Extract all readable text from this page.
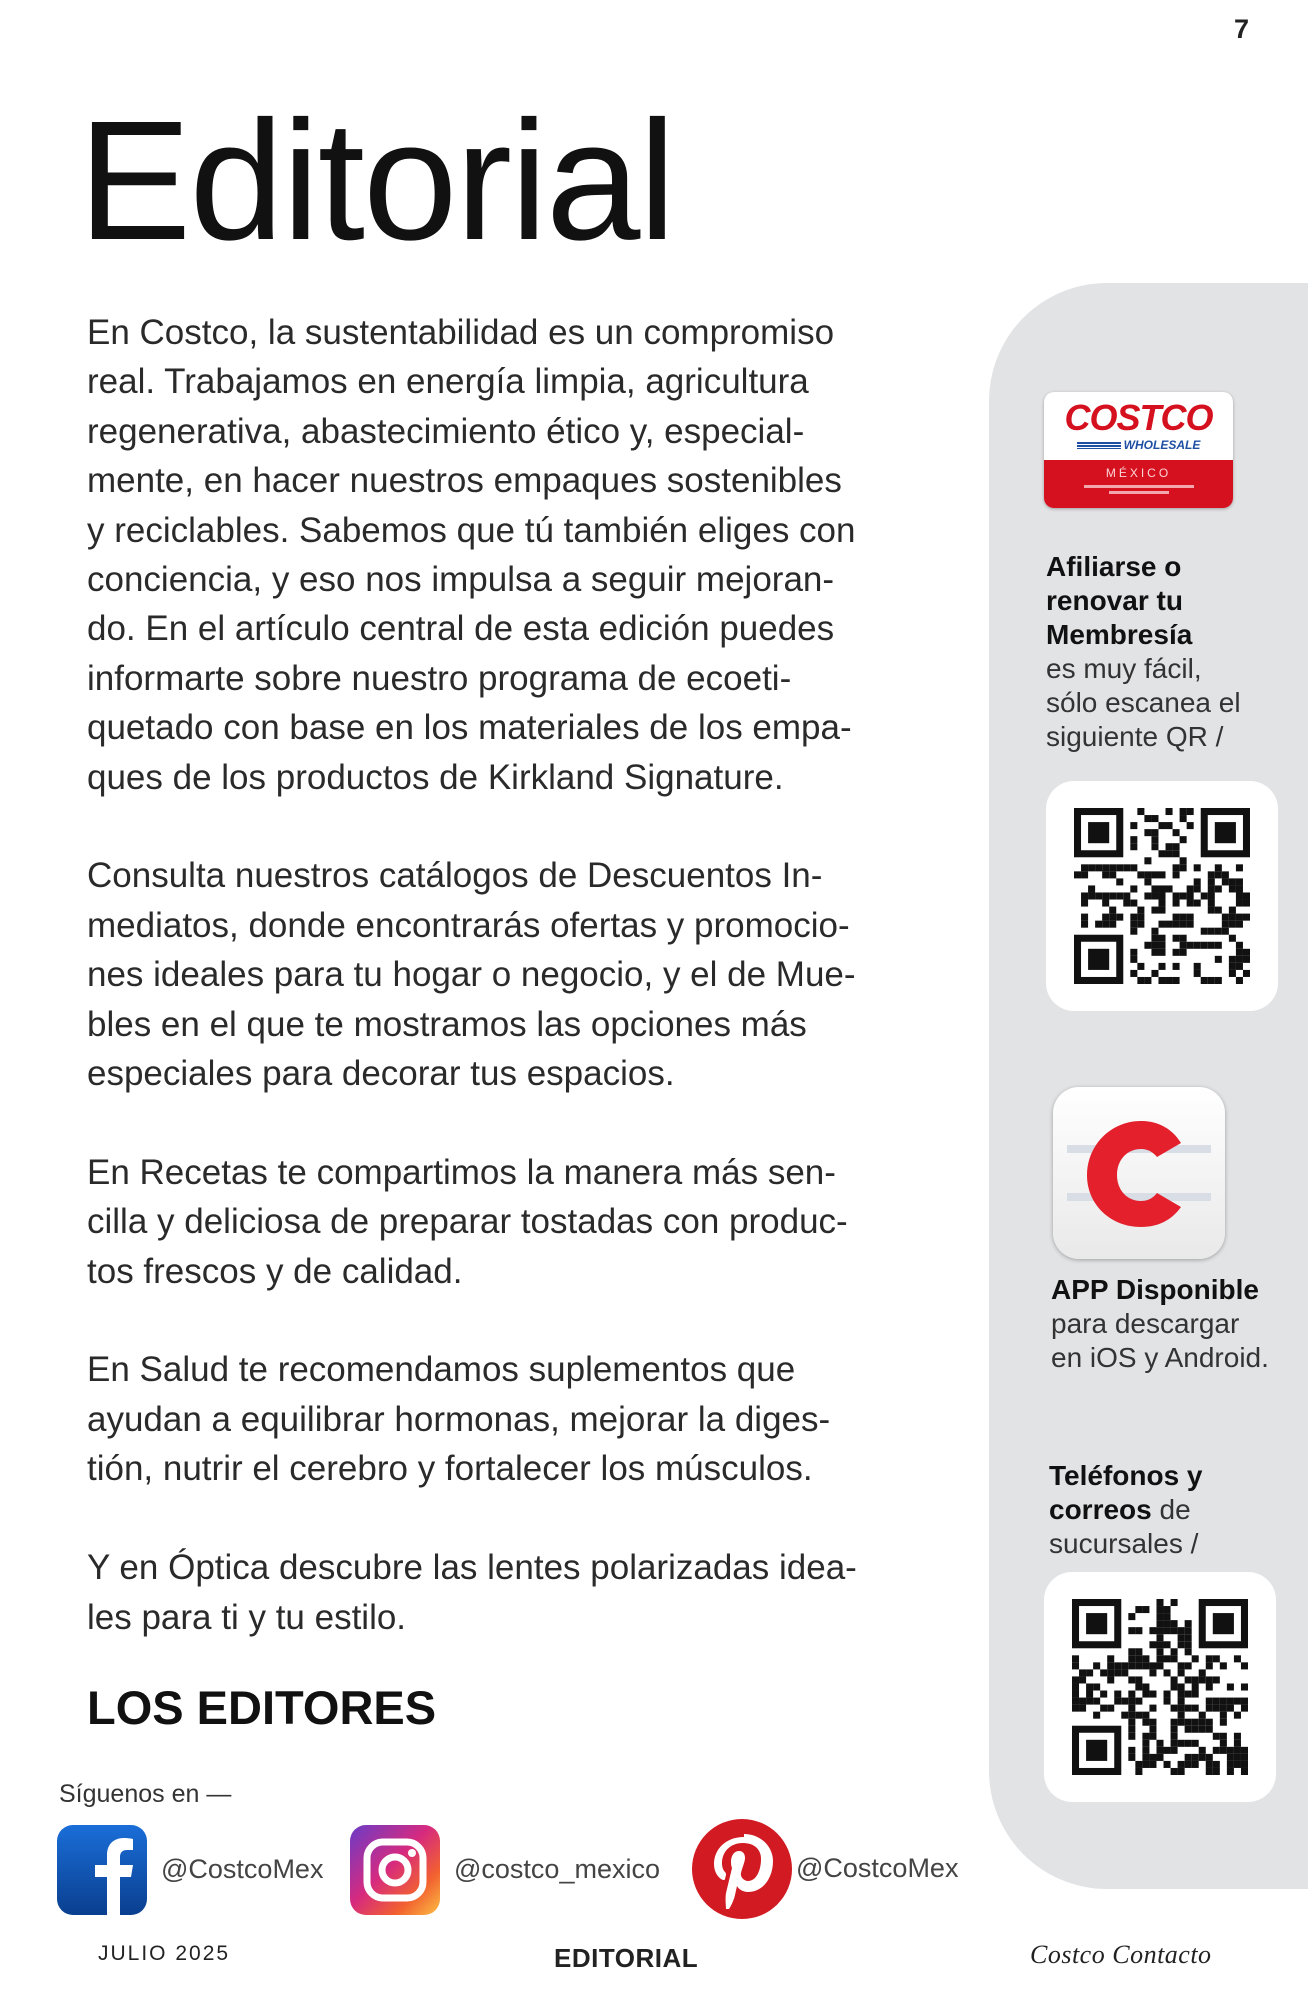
7
Editorial
En Costco, la sustentabilidad es un compromiso
real. Trabajamos en energía limpia, agricultura
regenerativa, abastecimiento ético y, especial-
mente, en hacer nuestros empaques sostenibles
y reciclables. Sabemos que tú también eliges con
conciencia, y eso nos impulsa a seguir mejoran-
do. En el artículo central de esta edición puedes
informarte sobre nuestro programa de ecoeti-
quetado con base en los materiales de los empa-
ques de los productos de Kirkland Signature.
Consulta nuestros catálogos de Descuentos In-
mediatos, donde encontrarás ofertas y promocio-
nes ideales para tu hogar o negocio, y el de Mue-
bles en el que te mostramos las opciones más
especiales para decorar tus espacios.
En Recetas te compartimos la manera más sen-
cilla y deliciosa de preparar tostadas con produc-
tos frescos y de calidad.
En Salud te recomendamos suplementos que
ayudan a equilibrar hormonas, mejorar la diges-
tión, nutrir el cerebro y fortalecer los músculos.
Y en Óptica descubre las lentes polarizadas idea-
les para ti y tu estilo.
LOS EDITORES
Síguenos en —
@CostcoMex	@costco_mexico	@CostcoMex
JULIO 2025	EDITORIAL	Costco Contacto
COSTCO
WHOLESALE
MÉXICO
Afiliarse o
renovar tu
Membresía
es muy fácil,
sólo escanea el
siguiente QR /
APP Disponible
para descargar
en iOS y Android.
Teléfonos y
correos de
sucursales /
